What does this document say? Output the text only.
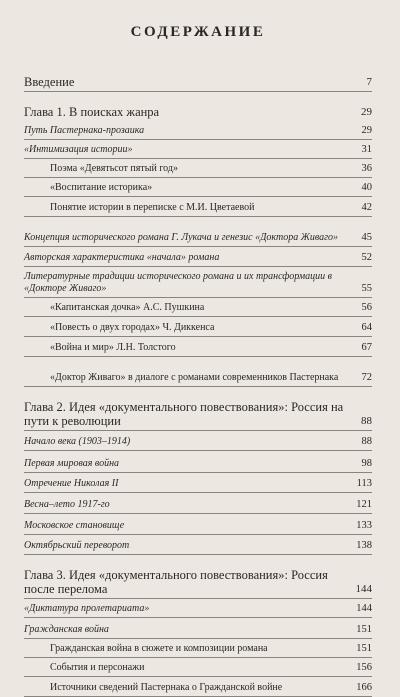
СОДЕРЖАНИЕ
Введение	7
Глава 1. В поисках жанра	29
Путь Пастернака-прозаика	29
«Интимизация истории»	31
Поэма «Девятьсот пятый год»	36
«Воспитание историка»	40
Понятие истории в переписке с М.И. Цветаевой	42
Концепция исторического романа Г. Лукача и генезис «Доктора Живаго»	45
Авторская характеристика «начала» романа	52
Литературные традиции исторического романа и их трансформации в «Докторе Живаго»	55
«Капитанская дочка» А.С. Пушкина	56
«Повесть о двух городах» Ч. Диккенса	64
«Война и мир» Л.Н. Толстого	67
«Доктор Живаго» в диалоге с романами современников Пастернака	72
Глава 2. Идея «документального повествования»: Россия на пути к революции	88
Начало века (1903–1914)	88
Первая мировая война	98
Отречение Николая II	113
Весна–лето 1917-го	121
Московское становище	133
Октябрьский переворот	138
Глава 3. Идея «документального повествования»: Россия после перелома	144
«Диктатура пролетариата»	144
Гражданская война	151
Гражданская война в сюжете и композиции романа	151
События и персонажи	156
Источники сведений Пастернака о Гражданской войне	166
